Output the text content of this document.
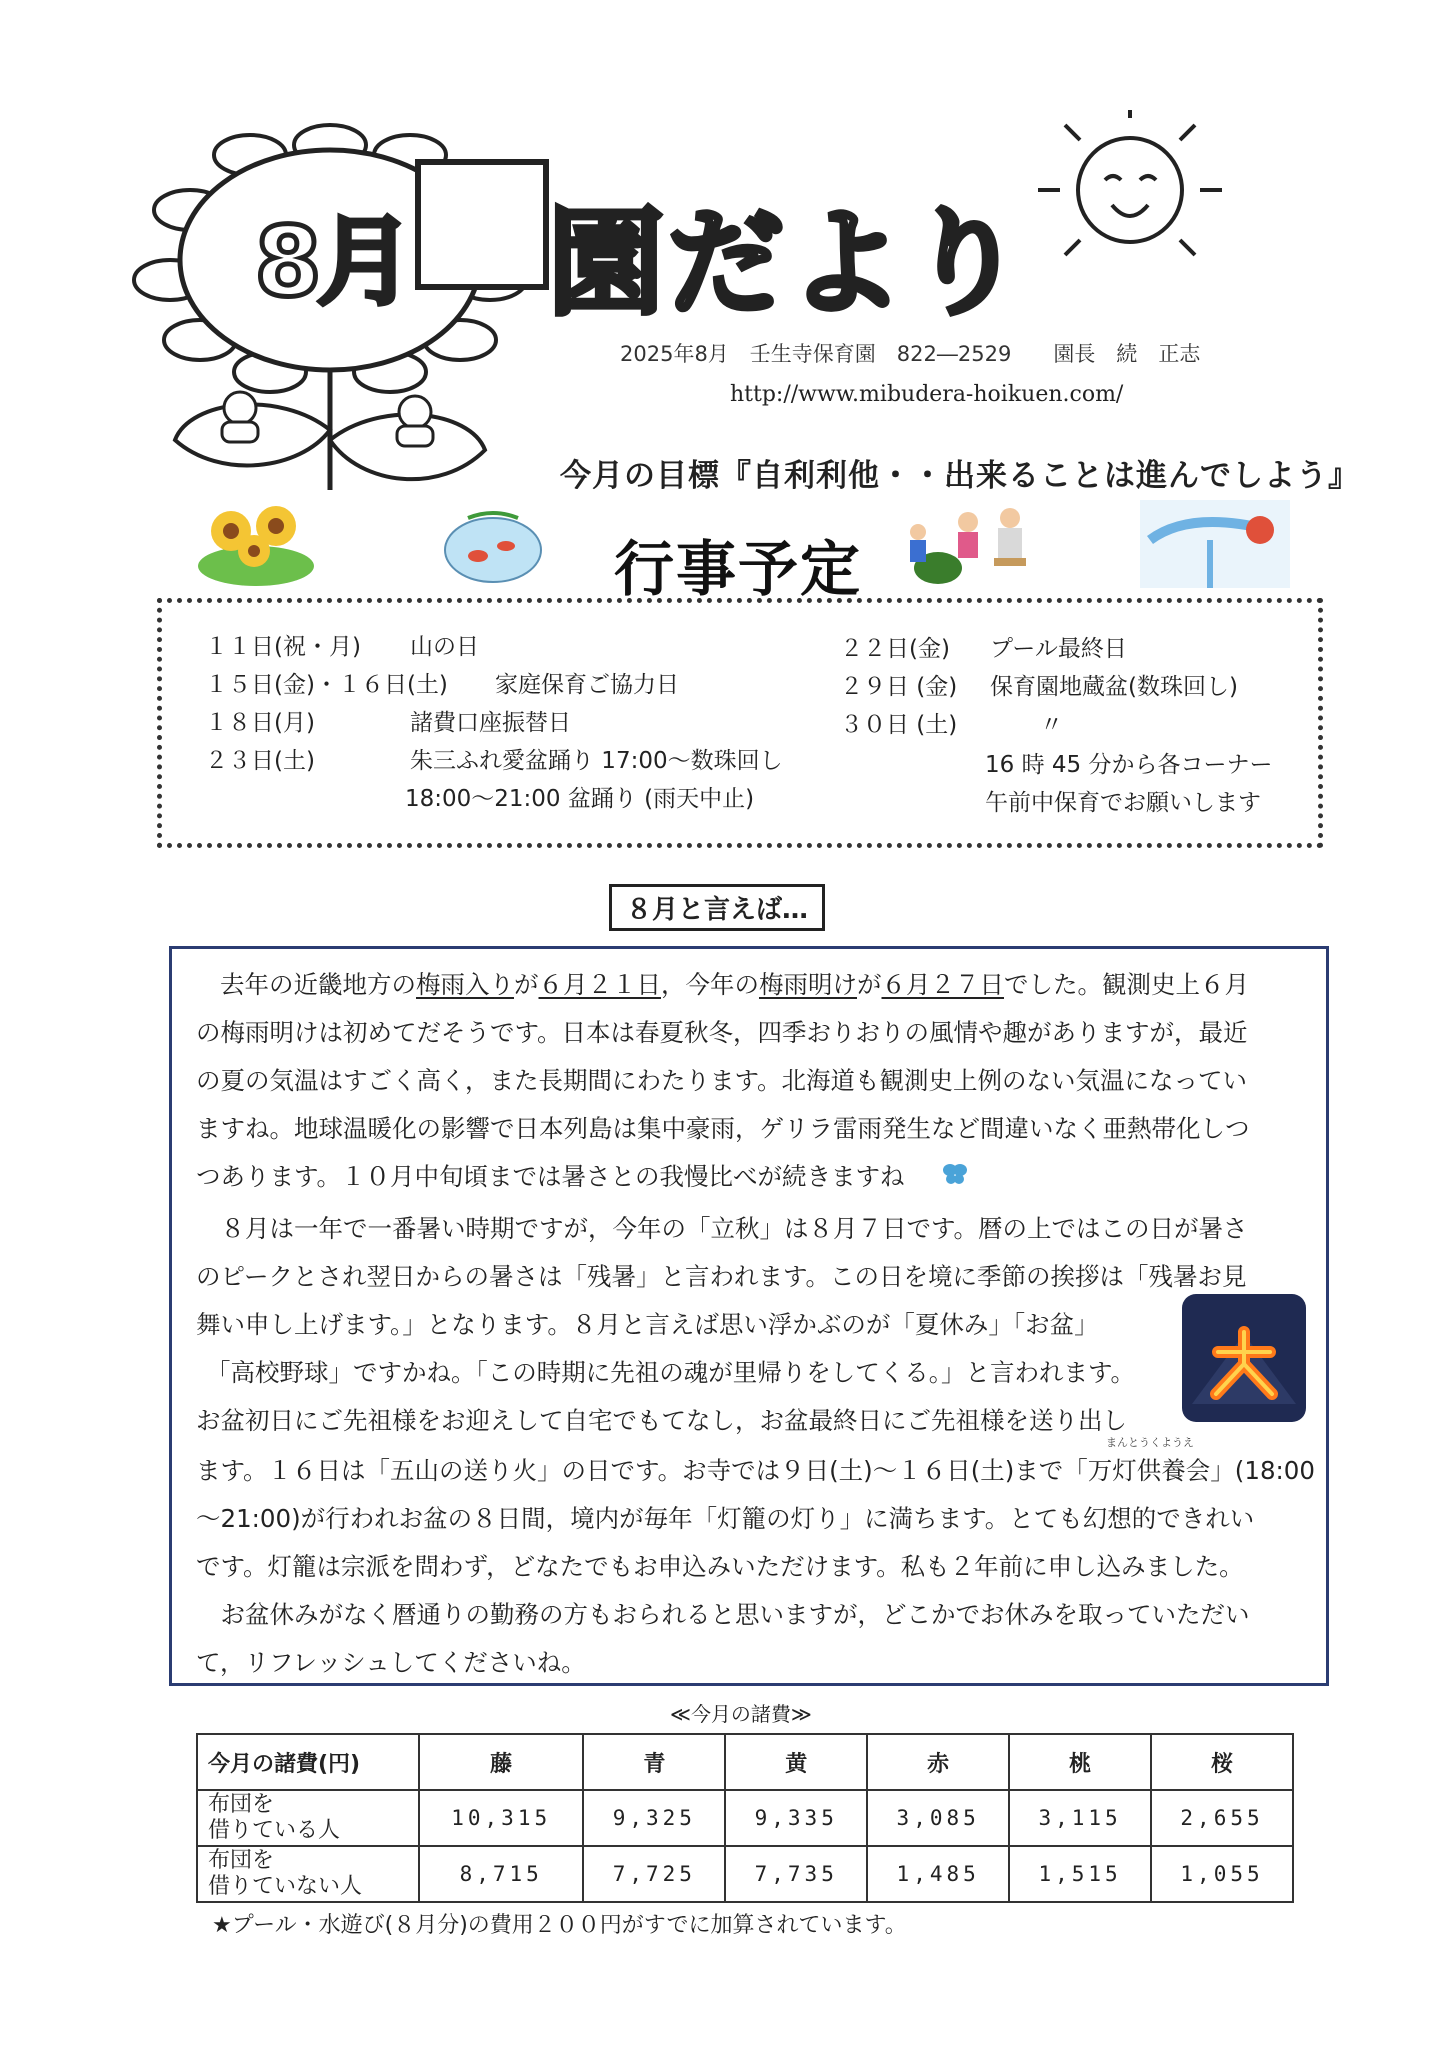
8月	園だより
2025年8月　壬生寺保育園　822―2529　　園長　続　正志
http://www.mibudera-hoikuen.com/
今月の目標『自利利他・・出来ることは進んでしよう』
行事予定
１１日(祝・月) 山の日
１５日(金)・１６日(土) 家庭保育ご協力日
１８日(月)	諸費口座振替日
２３日(土)	朱三ふれ愛盆踊り 17:00～数珠回し
18:00～21:00 盆踊り (雨天中止)
２２日(金) プール最終日
２９日 (金) 保育園地蔵盆(数珠回し)
３０日 (土)	〃
16 時 45 分から各コーナー
午前中保育でお願いします
８月と言えば…
去年の近畿地方の梅雨入りが６月２１日，今年の梅雨明けが６月２７日でした。観測史上６月
の梅雨明けは初めてだそうです。日本は春夏秋冬，四季おりおりの風情や趣がありますが，最近
の夏の気温はすごく高く，また長期間にわたります。北海道も観測史上例のない気温になってい
ますね。地球温暖化の影響で日本列島は集中豪雨，ゲリラ雷雨発生など間違いなく亜熱帯化しつ
つあります。１０月中旬頃までは暑さとの我慢比べが続きますね
　８月は一年で一番暑い時期ですが，今年の「立秋」は８月７日です。暦の上ではこの日が暑さ
のピークとされ翌日からの暑さは「残暑」と言われます。この日を境に季節の挨拶は「残暑お見
舞い申し上げます。」となります。８月と言えば思い浮かぶのが「夏休み」「お盆」
「高校野球」ですかね。「この時期に先祖の魂が里帰りをしてくる。」と言われます。
お盆初日にご先祖様をお迎えして自宅でもてなし，お盆最終日にご先祖様を送り出し
まんとうくようえ
ます。１６日は「五山の送り火」の日です。お寺では９日(土)～１６日(土)まで「万灯供養会」(18:00
～21:00)が行われお盆の８日間，境内が毎年「灯籠の灯り」に満ちます。とても幻想的できれい
です。灯籠は宗派を問わず，どなたでもお申込みいただけます。私も２年前に申し込みました。
　お盆休みがなく暦通りの勤務の方もおられると思いますが，どこかでお休みを取っていただい
て，リフレッシュしてくださいね。
≪今月の諸費≫
今月の諸費(円)	藤	青	黄	赤	桃	桜
布団を
借りている人	10,315	9,325	9,335	3,085	3,115	2,655
布団を
借りていない人	8,715	7,725	7,735	1,485	1,515	1,055
★プール・水遊び(８月分)の費用２００円がすでに加算されています。
